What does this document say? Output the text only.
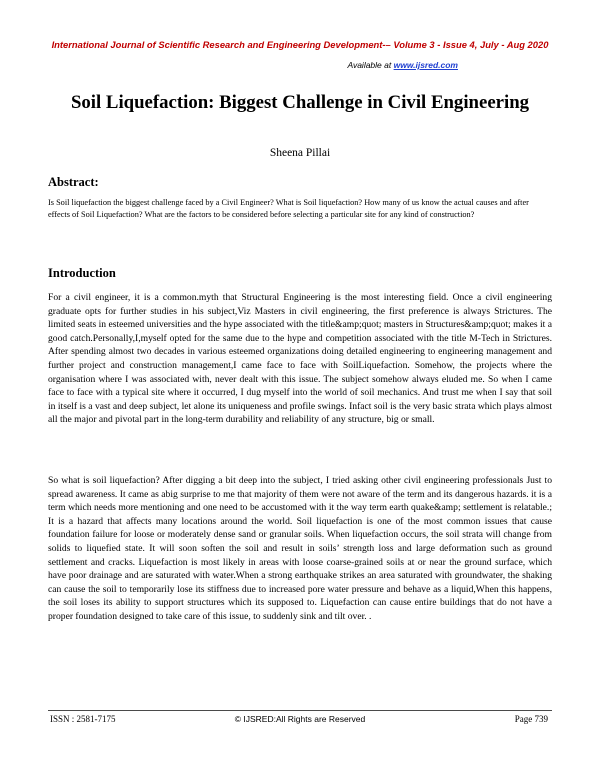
International Journal of Scientific Research and Engineering Development-– Volume 3 - Issue 4, July - Aug 2020
Available at www.ijsred.com
Soil Liquefaction: Biggest Challenge in Civil Engineering

Sheena Pillai

Abstract:

Is Soil liquefaction the biggest challenge faced by a Civil Engineer? What is Soil liquefaction? How many of us know the actual causes and after effects of Soil Liquefaction? What are the factors to be considered before selecting a particular site for any kind of construction?

Introduction

For a civil engineer, it is a common.myth that Structural Engineering is the most interesting field. Once a civil engineering graduate opts for further studies in his subject,Viz Masters in civil engineering, the first preference is always Strictures. The limited seats in esteemed universities and the hype associated with the title&amp;quot; masters in Structures&amp;quot; makes it a good catch.Personally,I,myself opted for the same due to the hype and competition associated with the title M-Tech in Strictures. After spending almost two decades in various esteemed organizations doing detailed engineering to engineering management and further project and construction management,I came face to face with SoilLiquefaction. Somehow, the projects where the organisation where I was associated with, never dealt with this issue. The subject somehow always eluded me. So when I came face to face with a typical site where it occurred, I dug myself into the world of soil mechanics. And trust me when I say that soil in itself is a vast and deep subject, let alone its uniqueness and profile swings. Infact soil is the very basic strata which plays almost all the major and pivotal part in the long-term durability and reliability of any structure, big or small.

So what is soil liquefaction? After digging a bit deep into the subject, I tried asking other civil engineering professionals Just to spread awareness. It came as abig surprise to me that majority of them were not aware of the term and its dangerous hazards. it is a term which needs more mentioning and one need to be accustomed with it the way term earth quake&amp; settlement is relatable.; It is a hazard that affects many locations around the world. Soil liquefaction is one of the most common issues that cause foundation failure for loose or moderately dense sand or granular soils. When liquefaction occurs, the soil strata will change from solids to liquefied state. It will soon soften the soil and result in soils’ strength loss and large deformation such as ground settlement and cracks. Liquefaction is most likely in areas with loose coarse-grained soils at or near the ground surface, which have poor drainage and are saturated with water.When a strong earthquake strikes an area saturated with groundwater, the shaking can cause the soil to temporarily lose its stiffness due to increased pore water pressure and behave as a liquid,When this happens, the soil loses its ability to support structures which its supposed to. Liquefaction can cause entire buildings that do not have a proper foundation designed to take care of this issue, to suddenly sink and tilt over. .

ISSN : 2581-7175	© IJSRED:All Rights are Reserved	Page 739
